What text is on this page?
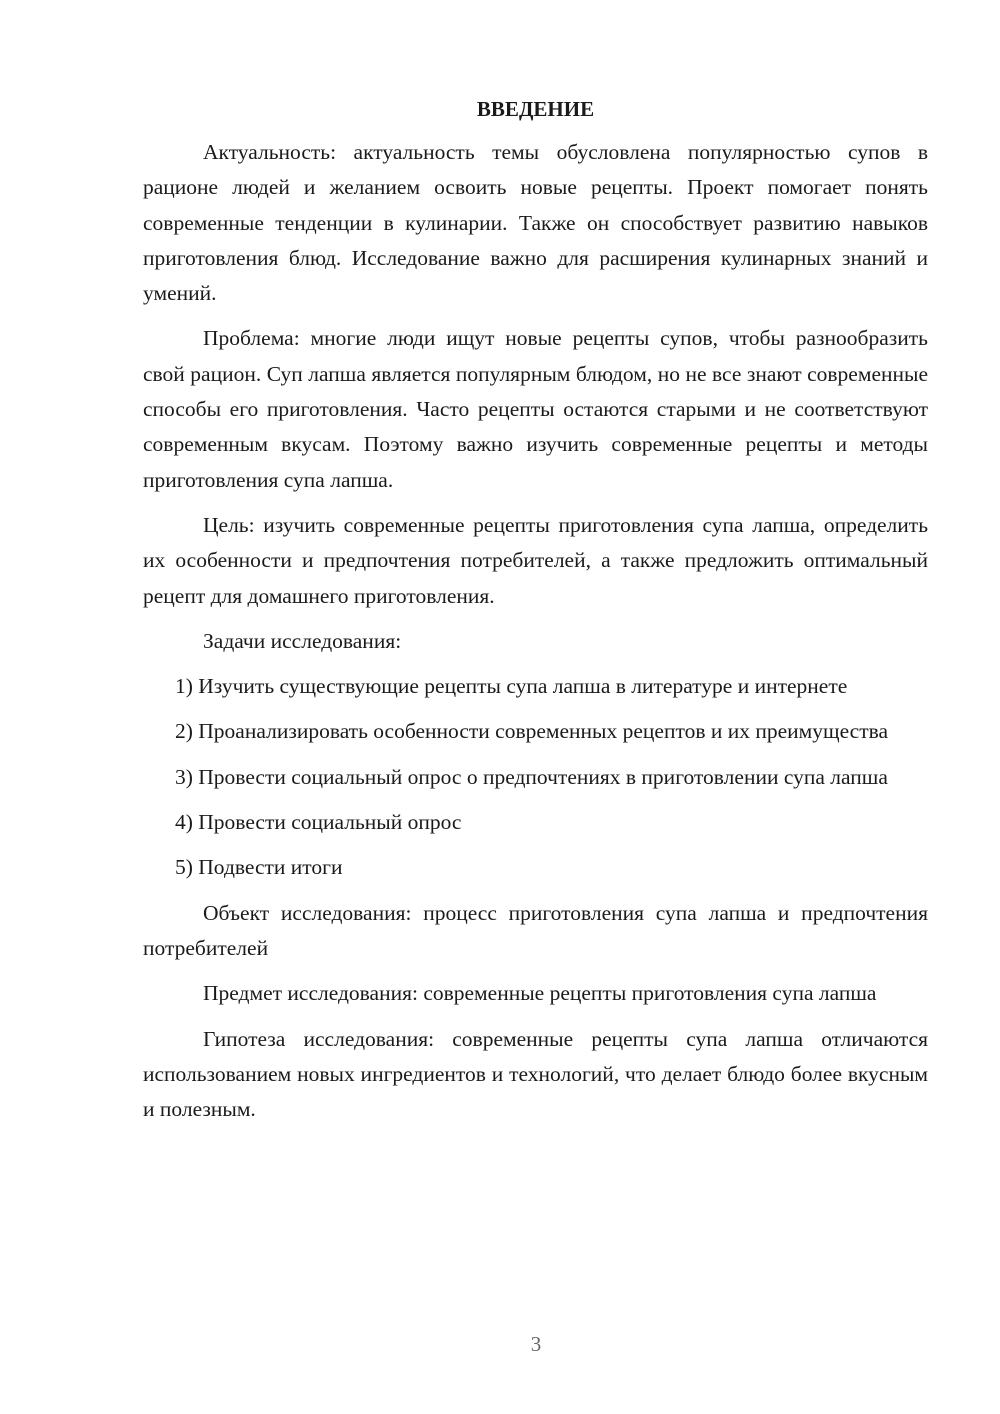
ВВЕДЕНИЕ

Актуальность: актуальность темы обусловлена популярностью супов в рационе людей и желанием освоить новые рецепты. Проект помогает понять современные тенденции в кулинарии. Также он способствует развитию навыков приготовления блюд. Исследование важно для расширения кулинарных знаний и умений.

Проблема: многие люди ищут новые рецепты супов, чтобы разнообразить свой рацион. Суп лапша является популярным блюдом, но не все знают современные способы его приготовления. Часто рецепты остаются старыми и не соответствуют современным вкусам. Поэтому важно изучить современные рецепты и методы приготовления супа лапша.

Цель: изучить современные рецепты приготовления супа лапша, определить их особенности и предпочтения потребителей, а также предложить оптимальный рецепт для домашнего приготовления.

Задачи исследования:

1) Изучить существующие рецепты супа лапша в литературе и интернете

2) Проанализировать особенности современных рецептов и их преимущества

3) Провести социальный опрос о предпочтениях в приготовлении супа лапша

4) Провести социальный опрос

5) Подвести итоги

Объект исследования: процесс приготовления супа лапша и предпочтения потребителей

Предмет исследования: современные рецепты приготовления супа лапша

Гипотеза исследования: современные рецепты супа лапша отличаются использованием новых ингредиентов и технологий, что делает блюдо более вкусным и полезным.

3
